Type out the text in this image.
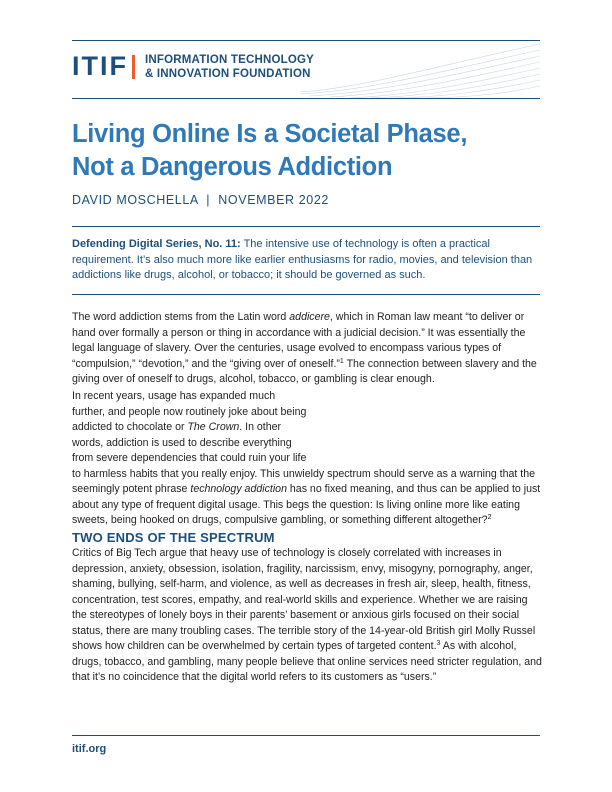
ITIF INFORMATION TECHNOLOGY
& INNOVATION FOUNDATION
Living Online Is a Societal Phase,
Not a Dangerous Addiction
DAVID MOSCHELLA  |  NOVEMBER 2022
Defending Digital Series, No. 11: The intensive use of technology is often a practical requirement. It’s also much more like earlier enthusiasms for radio, movies, and television than addictions like drugs, alcohol, or tobacco; it should be governed as such.
The word addiction stems from the Latin word addicere, which in Roman law meant “to deliver or hand over formally a person or thing in accordance with a judicial decision.” It was essentially the legal language of slavery. Over the centuries, usage evolved to encompass various types of “compulsion,” “devotion,” and the “giving over of oneself.”$^1$ The connection between slavery and the giving over of oneself to drugs, alcohol, tobacco, or gambling is clear enough.
In recent years, usage has expanded much
further, and people now routinely joke about being
addicted to chocolate or The Crown. In other
words, addiction is used to describe everything
from severe dependencies that could ruin your life
to harmless habits that you really enjoy. This unwieldy spectrum should serve as a warning that the seemingly potent phrase technology addiction has no fixed meaning, and thus can be applied to just about any type of frequent digital usage. This begs the question: Is living online more like eating sweets, being hooked on drugs, compulsive gambling, or something different altogether?$^2$
TWO ENDS OF THE SPECTRUM
Critics of Big Tech argue that heavy use of technology is closely correlated with increases in depression, anxiety, obsession, isolation, fragility, narcissism, envy, misogyny, pornography, anger, shaming, bullying, self-harm, and violence, as well as decreases in fresh air, sleep, health, fitness, concentration, test scores, empathy, and real-world skills and experience. Whether we are raising the stereotypes of lonely boys in their parents’ basement or anxious girls focused on their social status, there are many troubling cases. The terrible story of the 14-year-old British girl Molly Russel shows how children can be overwhelmed by certain types of targeted content.$^3$ As with alcohol, drugs, tobacco, and gambling, many people believe that online services need stricter regulation, and that it’s no coincidence that the digital world refers to its customers as “users.”
itif.org
